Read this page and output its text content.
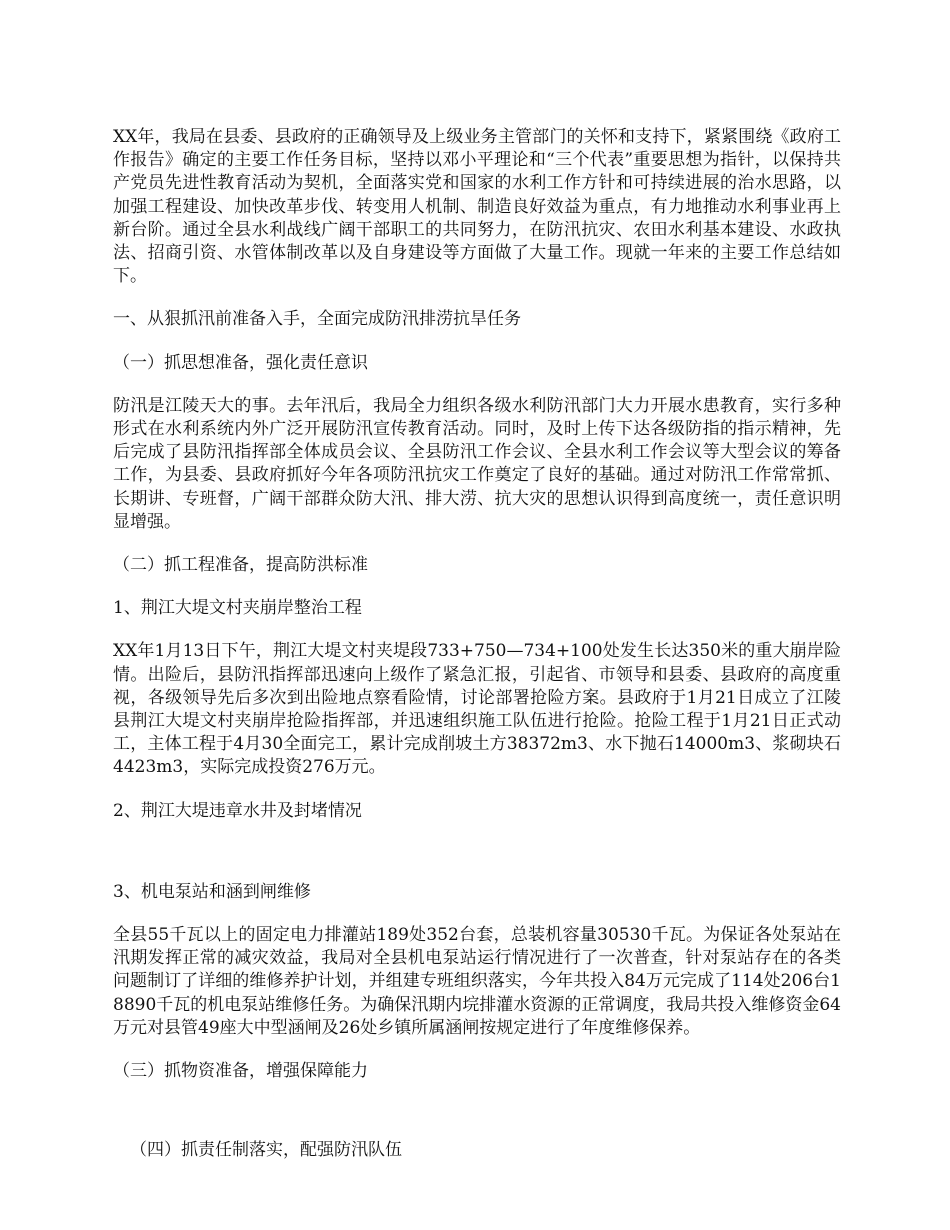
XX年，我局在县委、县政府的正确领导及上级业务主管部门的关怀和支持下，紧紧围绕《政府工作报告》确定的主要工作任务目标，坚持以邓小平理论和“三个代表”重要思想为指针，以保持共产党员先进性教育活动为契机，全面落实党和国家的水利工作方针和可持续进展的治水思路，以加强工程建设、加快改革步伐、转变用人机制、制造良好效益为重点，有力地推动水利事业再上新台阶。通过全县水利战线广阔干部职工的共同努力，在防汛抗灾、农田水利基本建设、水政执法、招商引资、水管体制改革以及自身建设等方面做了大量工作。现就一年来的主要工作总结如下。

一、从狠抓汛前准备入手，全面完成防汛排涝抗旱任务
（一）抓思想准备，强化责任意识

防汛是江陵天大的事。去年汛后，我局全力组织各级水利防汛部门大力开展水患教育，实行多种形式在水利系统内外广泛开展防汛宣传教育活动。同时，及时上传下达各级防指的指示精神，先后完成了县防汛指挥部全体成员会议、全县防汛工作会议、全县水利工作会议等大型会议的筹备工作，为县委、县政府抓好今年各项防汛抗灾工作奠定了良好的基础。通过对防汛工作常常抓、长期讲、专班督，广阔干部群众防大汛、排大涝、抗大灾的思想认识得到高度统一，责任意识明显增强。

（二）抓工程准备，提高防洪标准
1、荆江大堤文村夹崩岸整治工程

XX年1月13日下午，荆江大堤文村夹堤段733+750—734+100处发生长达350米的重大崩岸险情。出险后，县防汛指挥部迅速向上级作了紧急汇报，引起省、市领导和县委、县政府的高度重视，各级领导先后多次到出险地点察看险情，讨论部署抢险方案。县政府于1月21日成立了江陵县荆江大堤文村夹崩岸抢险指挥部，并迅速组织施工队伍进行抢险。抢险工程于1月21日正式动工，主体工程于4月30全面完工，累计完成削坡土方38372m3、水下抛石14000m3、浆砌块石4423m3，实际完成投资276万元。

2、荆江大堤违章水井及封堵情况
3、机电泵站和涵到闸维修

全县55千瓦以上的固定电力排灌站189处352台套，总装机容量30530千瓦。为保证各处泵站在汛期发挥正常的减灾效益，我局对全县机电泵站运行情况进行了一次普查，针对泵站存在的各类问题制订了详细的维修养护计划，并组建专班组织落实，今年共投入84万元完成了114处206台18890千瓦的机电泵站维修任务。为确保汛期内垸排灌水资源的正常调度，我局共投入维修资金64万元对县管49座大中型涵闸及26处乡镇所属涵闸按规定进行了年度维修保养。

（三）抓物资准备，增强保障能力
（四）抓责任制落实，配强防汛队伍
